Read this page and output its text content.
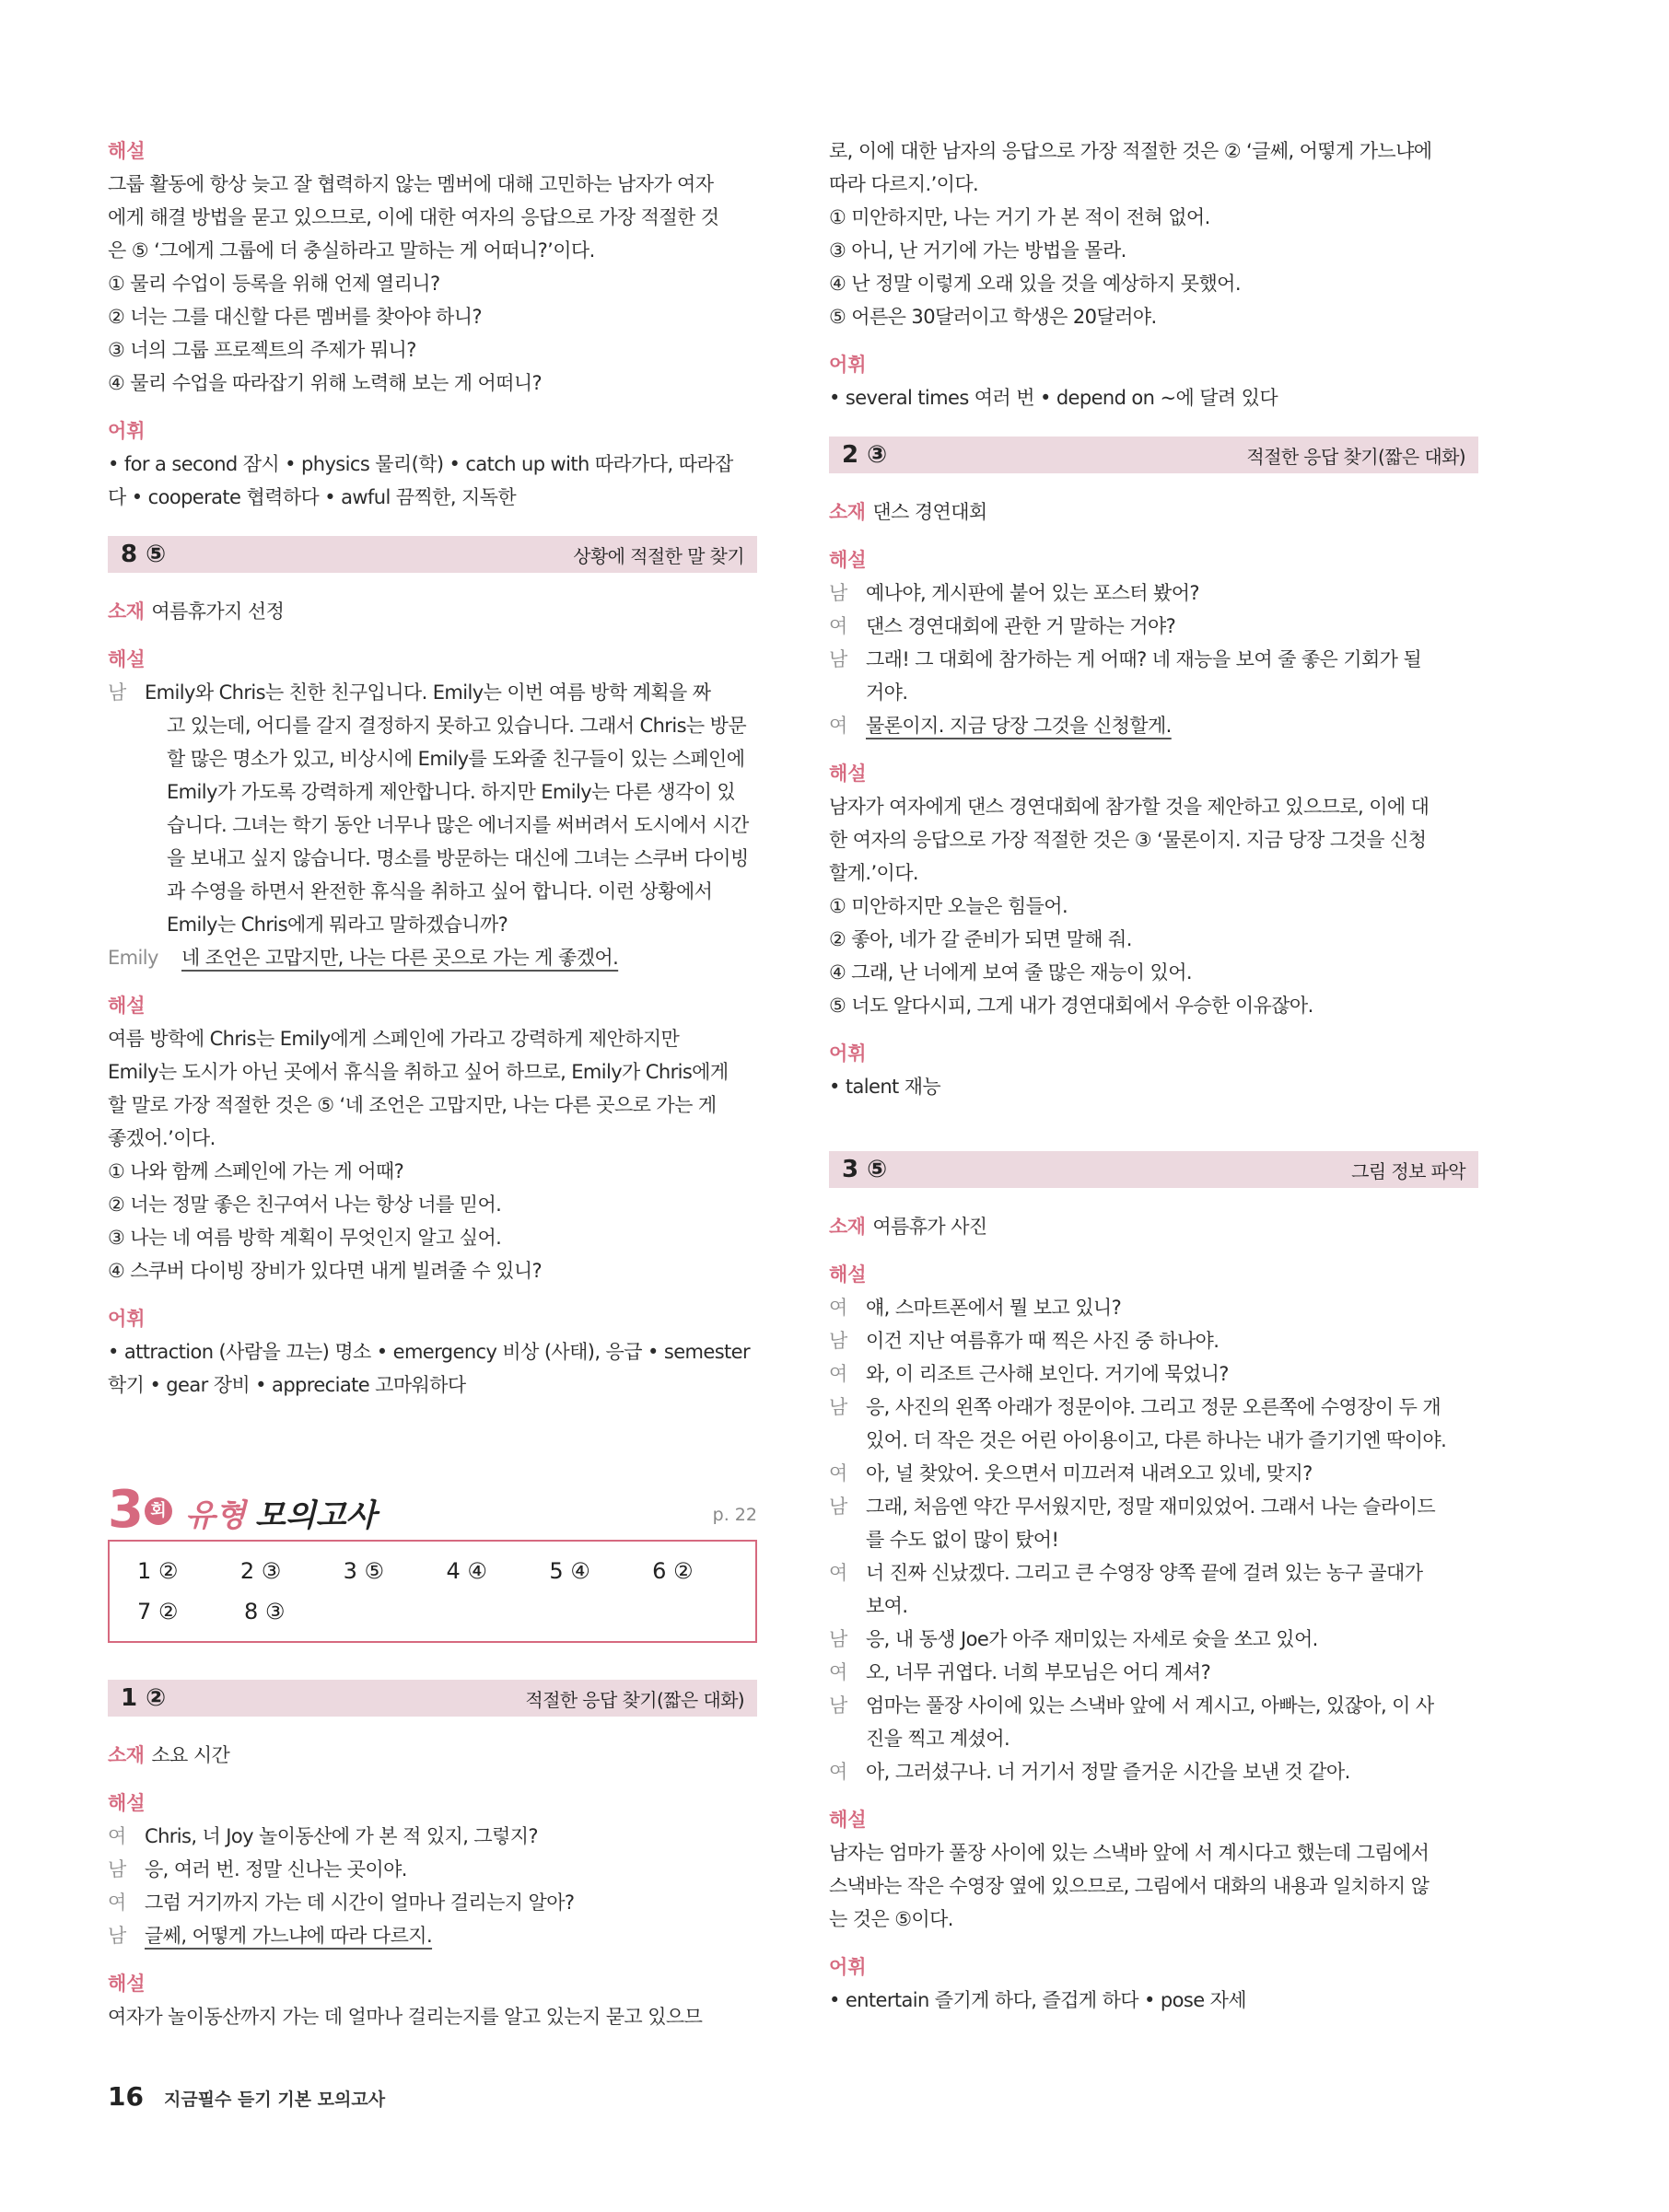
해설

그룹 활동에 항상 늦고 잘 협력하지 않는 멤버에 대해 고민하는 남자가 여자

에게 해결 방법을 묻고 있으므로, 이에 대한 여자의 응답으로 가장 적절한 것

은 ⑤ ‘그에게 그룹에 더 충실하라고 말하는 게 어떠니?’이다.

① 물리 수업이 등록을 위해 언제 열리니?

② 너는 그를 대신할 다른 멤버를 찾아야 하니?

③ 너의 그룹 프로젝트의 주제가 뭐니?

④ 물리 수업을 따라잡기 위해 노력해 보는 게 어떠니?

어휘

• for a second 잠시 • physics 물리(학) • catch up with 따라가다, 따라잡

다 • cooperate 협력하다 • awful 끔찍한, 지독한

8 ⑤	상황에 적절한 말 찾기

소재 여름휴가지 선정

해설

남 Emily와 Chris는 친한 친구입니다. Emily는 이번 여름 방학 계획을 짜

고 있는데, 어디를 갈지 결정하지 못하고 있습니다. 그래서 Chris는 방문

할 많은 명소가 있고, 비상시에 Emily를 도와줄 친구들이 있는 스페인에

Emily가 가도록 강력하게 제안합니다. 하지만 Emily는 다른 생각이 있

습니다. 그녀는 학기 동안 너무나 많은 에너지를 써버려서 도시에서 시간

을 보내고 싶지 않습니다. 명소를 방문하는 대신에 그녀는 스쿠버 다이빙

과 수영을 하면서 완전한 휴식을 취하고 싶어 합니다. 이런 상황에서

Emily는 Chris에게 뭐라고 말하겠습니까?

Emily	네 조언은 고맙지만, 나는 다른 곳으로 가는 게 좋겠어.

해설

여름 방학에 Chris는 Emily에게 스페인에 가라고 강력하게 제안하지만

Emily는 도시가 아닌 곳에서 휴식을 취하고 싶어 하므로, Emily가 Chris에게

할 말로 가장 적절한 것은 ⑤ ‘네 조언은 고맙지만, 나는 다른 곳으로 가는 게

좋겠어.’이다.

① 나와 함께 스페인에 가는 게 어때?

② 너는 정말 좋은 친구여서 나는 항상 너를 믿어.

③ 나는 네 여름 방학 계획이 무엇인지 알고 싶어.

④ 스쿠버 다이빙 장비가 있다면 내게 빌려줄 수 있니?

어휘

• attraction (사람을 끄는) 명소 • emergency 비상 (사태), 응급 • semester

학기 • gear 장비 • appreciate 고마워하다

3 회 유형 모의고사	p. 22
1 ②	2 ③	3 ⑤	4 ④	5 ④	6 ②
7 ②	8 ③
1 ②	적절한 응답 찾기(짧은 대화)

소재 소요 시간

해설

여 Chris, 너 Joy 놀이동산에 가 본 적 있지, 그렇지?
남 응, 여러 번. 정말 신나는 곳이야.
여 그럼 거기까지 가는 데 시간이 얼마나 걸리는지 알아?
남 글쎄, 어떻게 가느냐에 따라 다르지.

해설

여자가 놀이동산까지 가는 데 얼마나 걸리는지를 알고 있는지 묻고 있으므

로, 이에 대한 남자의 응답으로 가장 적절한 것은 ② ‘글쎄, 어떻게 가느냐에

따라 다르지.’이다.

① 미안하지만, 나는 거기 가 본 적이 전혀 없어.

③ 아니, 난 거기에 가는 방법을 몰라.

④ 난 정말 이렇게 오래 있을 것을 예상하지 못했어.

⑤ 어른은 30달러이고 학생은 20달러야.

어휘

• several times 여러 번 • depend on ~에 달려 있다

2 ③	적절한 응답 찾기(짧은 대화)

소재 댄스 경연대회

해설

남 예나야, 게시판에 붙어 있는 포스터 봤어?
여 댄스 경연대회에 관한 거 말하는 거야?
남 그래! 그 대회에 참가하는 게 어때? 네 재능을 보여 줄 좋은 기회가 될
거야.
여 물론이지. 지금 당장 그것을 신청할게.

해설

남자가 여자에게 댄스 경연대회에 참가할 것을 제안하고 있으므로, 이에 대

한 여자의 응답으로 가장 적절한 것은 ③ ‘물론이지. 지금 당장 그것을 신청

할게.’이다.

① 미안하지만 오늘은 힘들어.

② 좋아, 네가 갈 준비가 되면 말해 줘.

④ 그래, 난 너에게 보여 줄 많은 재능이 있어.

⑤ 너도 알다시피, 그게 내가 경연대회에서 우승한 이유잖아.

어휘

• talent 재능

3 ⑤	그림 정보 파악

소재 여름휴가 사진

해설

여 얘, 스마트폰에서 뭘 보고 있니?
남 이건 지난 여름휴가 때 찍은 사진 중 하나야.
여 와, 이 리조트 근사해 보인다. 거기에 묵었니?
남 응, 사진의 왼쪽 아래가 정문이야. 그리고 정문 오른쪽에 수영장이 두 개
있어. 더 작은 것은 어린 아이용이고, 다른 하나는 내가 즐기기엔 딱이야.
여 아, 널 찾았어. 웃으면서 미끄러져 내려오고 있네, 맞지?
남 그래, 처음엔 약간 무서웠지만, 정말 재미있었어. 그래서 나는 슬라이드
를 수도 없이 많이 탔어!
여 너 진짜 신났겠다. 그리고 큰 수영장 양쪽 끝에 걸려 있는 농구 골대가
보여.
남 응, 내 동생 Joe가 아주 재미있는 자세로 슛을 쏘고 있어.
여 오, 너무 귀엽다. 너희 부모님은 어디 계셔?
남 엄마는 풀장 사이에 있는 스낵바 앞에 서 계시고, 아빠는, 있잖아, 이 사
진을 찍고 계셨어.
여 아, 그러셨구나. 너 거기서 정말 즐거운 시간을 보낸 것 같아.

해설

남자는 엄마가 풀장 사이에 있는 스낵바 앞에 서 계시다고 했는데 그림에서

스낵바는 작은 수영장 옆에 있으므로, 그림에서 대화의 내용과 일치하지 않

는 것은 ⑤이다.

어휘

• entertain 즐기게 하다, 즐겁게 하다 • pose 자세

16 지금필수 듣기 기본 모의고사
